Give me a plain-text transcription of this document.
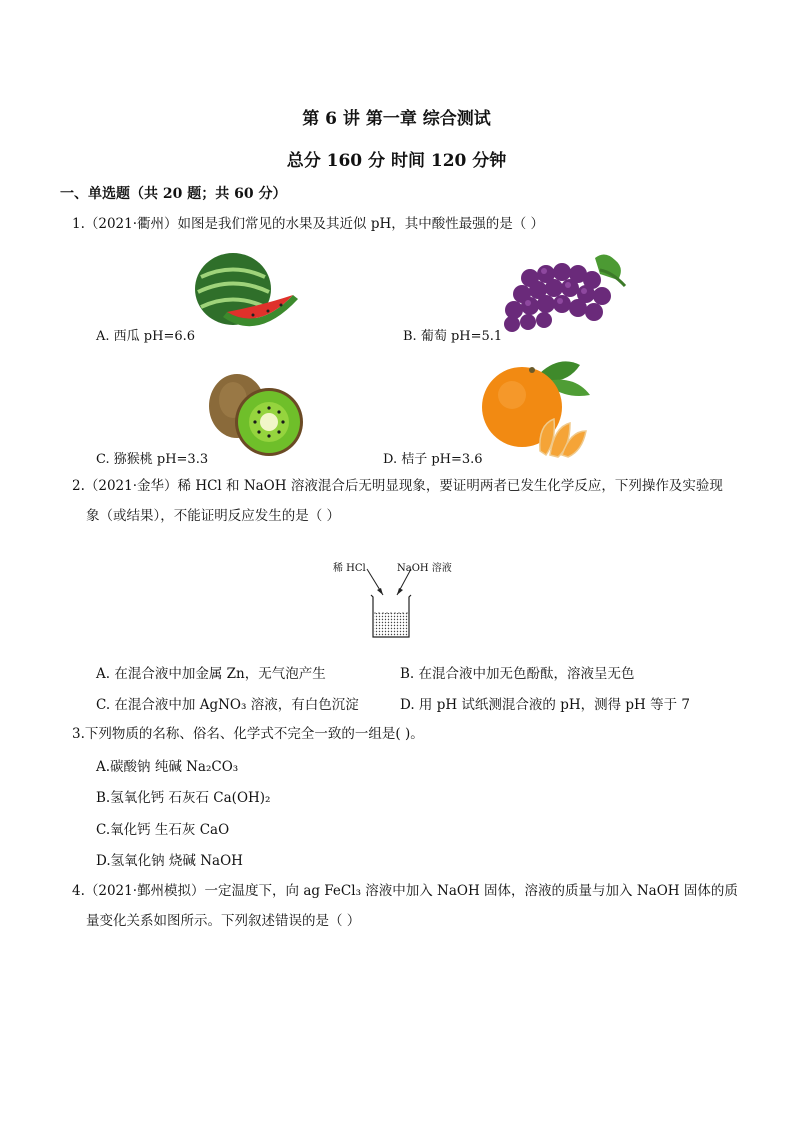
第 6 讲 第一章 综合测试
总分 160 分 时间 120 分钟
一、单选题（共 20 题；共 60 分）
1.（2021·衢州）如图是我们常见的水果及其近似 pH，其中酸性最强的是（ ）
A. 西瓜 pH=6.6	B. 葡萄 pH=5.1
C. 猕猴桃 pH=3.3	D. 桔子 pH=3.6
2.（2021·金华）稀 HCl 和 NaOH 溶液混合后无明显现象，要证明两者已发生化学反应，下列操作及实验现
象（或结果），不能证明反应发生的是（ ）
稀 HCl	NaOH 溶液
A. 在混合液中加金属 Zn，无气泡产生	B. 在混合液中加无色酚酞，溶液呈无色
C. 在混合液中加 AgNO₃ 溶液，有白色沉淀	D. 用 pH 试纸测混合液的 pH，测得 pH 等于 7
3.下列物质的名称、俗名、化学式不完全一致的一组是( )。
A.碳酸钠 纯碱 Na₂CO₃
B.氢氧化钙 石灰石 Ca(OH)₂
C.氧化钙 生石灰 CaO
D.氢氧化钠 烧碱 NaOH
4.（2021·鄞州模拟）一定温度下，向 ag FeCl₃ 溶液中加入 NaOH 固体，溶液的质量与加入 NaOH 固体的质
量变化关系如图所示。下列叙述错误的是（ ）
